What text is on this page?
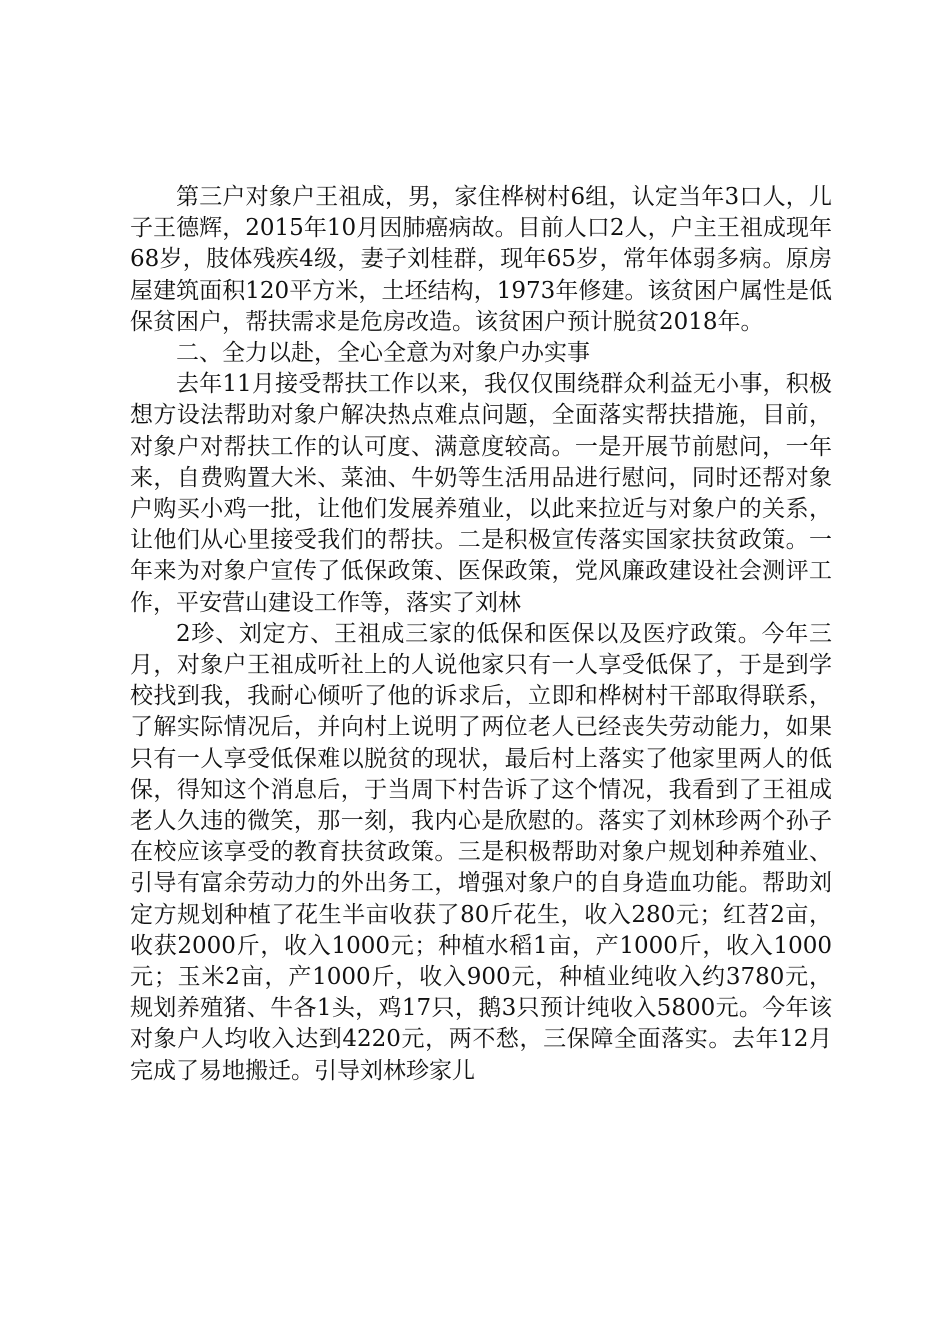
第三户对象户王祖成，男，家住桦树村6组，认定当年3口人，儿子王德辉，2015年10月因肺癌病故。目前人口2人，户主王祖成现年68岁，肢体残疾4级，妻子刘桂群，现年65岁，常年体弱多病。原房屋建筑面积120平方米，土坯结构，1973年修建。该贫困户属性是低保贫困户，帮扶需求是危房改造。该贫困户预计脱贫2018年。

二、全力以赴，全心全意为对象户办实事

去年11月接受帮扶工作以来，我仅仅围绕群众利益无小事，积极想方设法帮助对象户解决热点难点问题，全面落实帮扶措施，目前，对象户对帮扶工作的认可度、满意度较高。一是开展节前慰问，一年来，自费购置大米、菜油、牛奶等生活用品进行慰问，同时还帮对象户购买小鸡一批，让他们发展养殖业，以此来拉近与对象户的关系，让他们从心里接受我们的帮扶。二是积极宣传落实国家扶贫政策。一年来为对象户宣传了低保政策、医保政策，党风廉政建设社会测评工作，平安营山建设工作等，落实了刘林

2珍、刘定方、王祖成三家的低保和医保以及医疗政策。今年三月，对象户王祖成听社上的人说他家只有一人享受低保了，于是到学校找到我，我耐心倾听了他的诉求后，立即和桦树村干部取得联系，了解实际情况后，并向村上说明了两位老人已经丧失劳动能力，如果只有一人享受低保难以脱贫的现状，最后村上落实了他家里两人的低保，得知这个消息后，于当周下村告诉了这个情况，我看到了王祖成老人久违的微笑，那一刻，我内心是欣慰的。落实了刘林珍两个孙子在校应该享受的教育扶贫政策。三是积极帮助对象户规划种养殖业、引导有富余劳动力的外出务工，增强对象户的自身造血功能。帮助刘定方规划种植了花生半亩收获了80斤花生，收入280元；红苕2亩，收获2000斤，收入1000元；种植水稻1亩，产1000斤，收入1000元；玉米2亩，产1000斤，收入900元，种植业纯收入约3780元，规划养殖猪、牛各1头，鸡17只，鹅3只预计纯收入5800元。今年该对象户人均收入达到4220元，两不愁，三保障全面落实。去年12月完成了易地搬迁。引导刘林珍家儿
